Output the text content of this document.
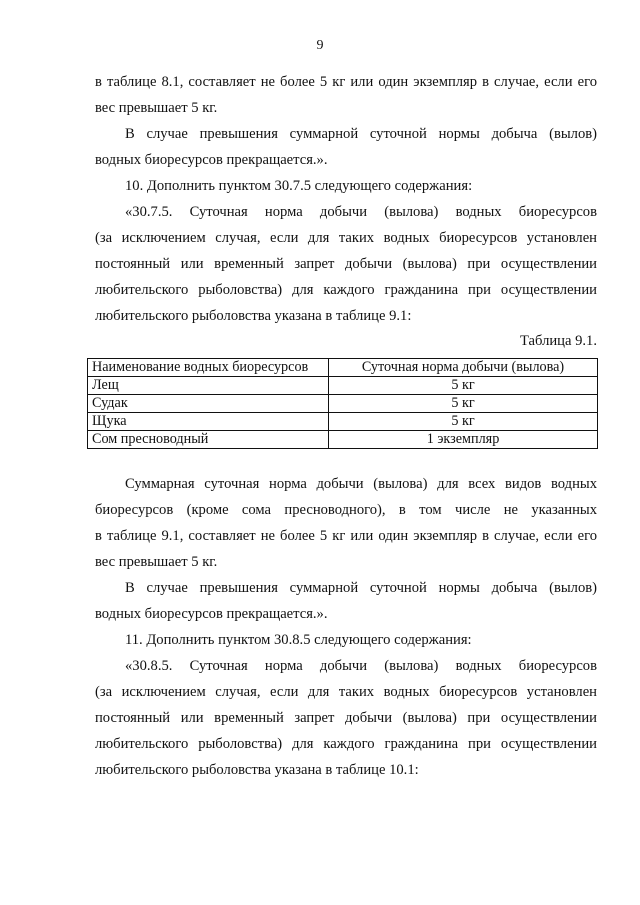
9
в таблице 8.1, составляет не более 5 кг или один экземпляр в случае, если его
вес превышает 5 кг.
В случае превышения суммарной суточной нормы добыча (вылов)
водных биоресурсов прекращается.».
10. Дополнить пунктом 30.7.5 следующего содержания:
«30.7.5. Суточная норма добычи (вылова) водных биоресурсов
(за исключением случая, если для таких водных биоресурсов установлен
постоянный или временный запрет добычи (вылова) при осуществлении
любительского рыболовства) для каждого гражданина при осуществлении
любительского рыболовства указана в таблице 9.1:
Таблица 9.1.
Наименование водных биоресурсов	Суточная норма добычи (вылова)
Лещ	5 кг
Судак	5 кг
Щука	5 кг
Сом пресноводный	1 экземпляр
Суммарная суточная норма добычи (вылова) для всех видов водных
биоресурсов (кроме сома пресноводного), в том числе не указанных
в таблице 9.1, составляет не более 5 кг или один экземпляр в случае, если его
вес превышает 5 кг.
В случае превышения суммарной суточной нормы добыча (вылов)
водных биоресурсов прекращается.».
11. Дополнить пунктом 30.8.5 следующего содержания:
«30.8.5. Суточная норма добычи (вылова) водных биоресурсов
(за исключением случая, если для таких водных биоресурсов установлен
постоянный или временный запрет добычи (вылова) при осуществлении
любительского рыболовства) для каждого гражданина при осуществлении
любительского рыболовства указана в таблице 10.1:
